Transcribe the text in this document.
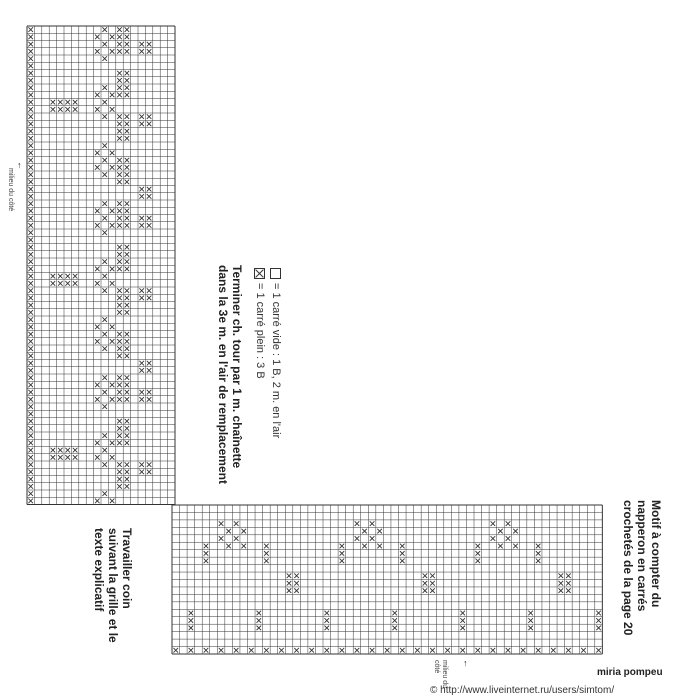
↑
↑
milieu du côté
milieu du côté
Terminer ch. tour par 1 m. chaînette dans la 3e m. en l'air de remplacement	= 1 carré vide : 1 B, 2 m. en l'air
= 1 carré plein : 3 B
Travailler coin suivant la grille et le texte explicatif	Motif à compter du napperon en carrés crochetés de la page 20
miria pompeu
© http://www.liveinternet.ru/users/simtom/
